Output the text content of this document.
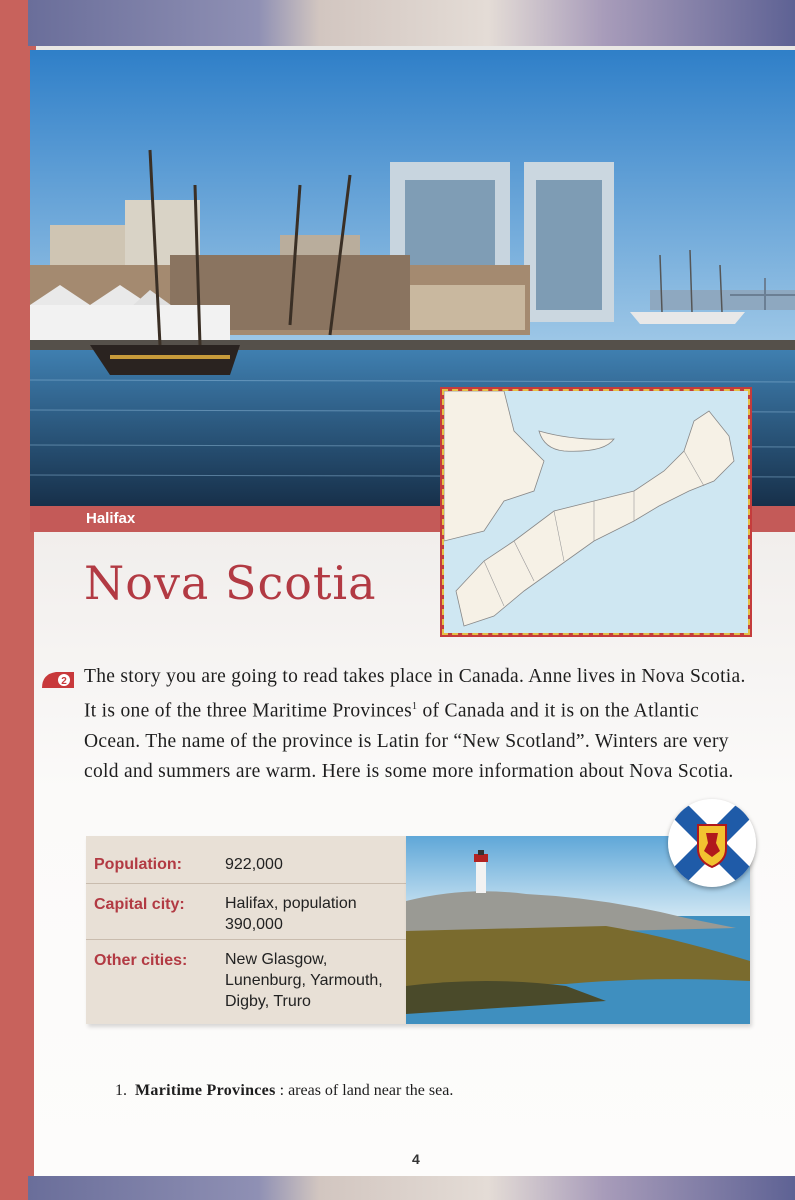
Halifax
Nova Scotia
2 The story you are going to read takes place in Canada. Anne lives in Nova Scotia. It is one of the three Maritime Provinces$^1$ of Canada and it is on the Atlantic Ocean. The name of the province is Latin for “New Scotland”. Winters are very cold and summers are warm. Here is some more information about Nova Scotia.

Population:	922,000
Capital city:	Halifax, population 390,000
Other cities: New Glasgow, Lunenburg, Yarmouth, Digby, Truro
1. Maritime Provinces : areas of land near the sea.
4
